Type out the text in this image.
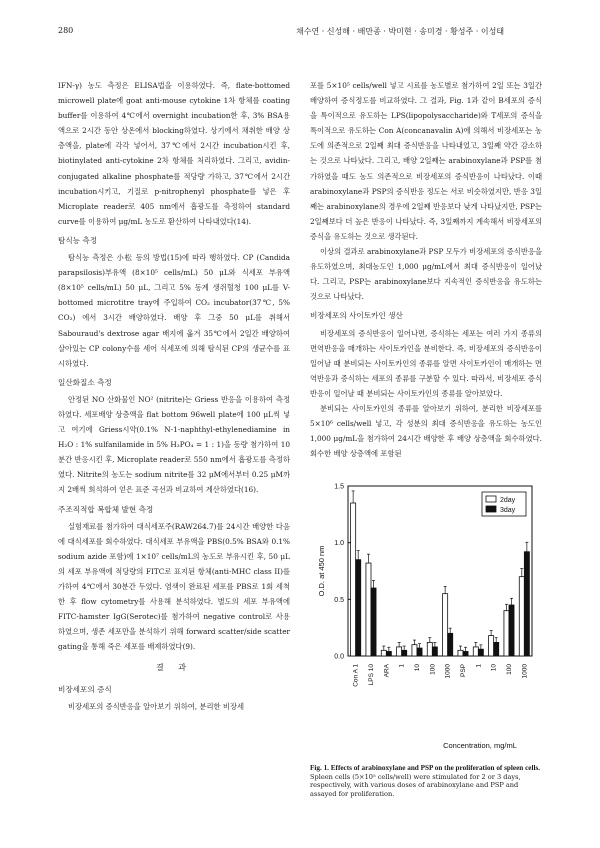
280	채수연 · 신성해 · 배만종 · 박미현 · 송미경 · 황성주 · 이성태

IFN-γ) 농도 측정은 ELISA법을 이용하였다. 즉, flate-bottomed microwell plate에 goat anti-mouse cytokine 1차 항체를 coating buffer를 이용하여 4℃에서 overnight incubation한 후, 3% BSA용액으로 2시간 동안 상온에서 blocking하였다. 상기에서 채취한 배양 상층액을, plate에 각각 넣어서, 37℃에서 2시간 incubation시킨 후, biotinylated anti-cytokine 2차 항체를 처리하였다. 그리고, avidin-conjugated alkaline phosphate를 적당량 가하고, 37℃에서 2시간 incubation시키고, 기질로 p-nitrophenyl phosphate를 넣은 후 Microplate reader로 405 nm에서 흡광도를 측정하여 standard curve를 이용하여 μg/mL 농도로 환산하여 나타내었다(14).

탐식능 측정

탐식능 측정은 小松 등의 방법(15)에 따라 행하였다. CP (Candida parapsilosis)부유액 (8×10⁵ cells/mL) 50 μL와 식세포 부유액(8×10⁵ cells/mL) 50 μL, 그리고 5% 동계 생쥐혈청 100 μL를 V-bottomed microtitre tray에 주입하여 CO₂ incubator(37℃, 5% CO₂) 에서 3시간 배양하였다. 배양 후 그중 50 μL를 취해서 Sabouraud's dextrose agar 배지에 옮겨 35℃에서 2일간 배양하여 살아있는 CP colony수를 세어 식세포에 의해 탐식된 CP의 생균수를 표시하였다.

일산화질소 측정

안정된 NO 산화물인 NO² (nitrite)는 Griess 반응을 이용하여 측정하였다. 세포배양 상층액을 flat bottom 96well plate에 100 μL씩 넣고 여기에 Griess시약(0.1% N-1-naphthyl-ethylenediamine in H₂O : 1% sulfanilamide in 5% H₃PO₄ = 1 : 1)을 동량 첨가하여 10분간 반응시킨 후, Microplate reader로 550 nm에서 흡광도를 측정하였다. Nitrite의 농도는 sodium nitrite를 32 μM에서부터 0.25 μM까지 2배씩 희석하여 얻은 표준 곡선과 비교하여 계산하였다(16).

주조직적합 복합체 발현 측정

실험재료를 첨가하여 대식세포주(RAW264.7)를 24시간 배양한 다음에 대식세포를 회수하였다. 대식세포 부유액을 PBS(0.5% BSA와 0.1% sodium azide 포함)에 1×10⁷ cells/mL의 농도로 부유시킨 후, 50 μL의 세포 부유액에 적당량의 FITC로 표지된 항체(anti-MHC class II)를 가하여 4℃에서 30분간 두었다. 염색이 완료된 세포를 PBS로 1회 세척한 후 flow cytometry를 사용해 분석하였다. 별도의 세포 부유액에 FITC-hamster IgG(Serotec)를 첨가하여 negative control로 사용하였으며, 생존 세포만을 분석하기 위해 forward scatter/side scatter gating을 통해 죽은 세포를 배제하였다(9).

결 과
비장세포의 증식

비장세포의 증식반응을 알아보기 위하여, 분리한 비장세

포를 5×10⁵ cells/well 넣고 시료를 농도별로 첨가하여 2일 또는 3일간 배양하여 증식정도를 비교하였다. 그 결과, Fig. 1과 같이 B세포의 증식을 특이적으로 유도하는 LPS(lipopolysaccharide)와 T세포의 증식을 특이적으로 유도하는 Con A(concanavalin A)에 의해서 비장세포는 농도에 의존적으로 2일째 최대 증식반응을 나타내었고, 3일째 약간 감소하는 것으로 나타났다. 그리고, 배양 2일째는 arabinoxylane과 PSP를 첨가하였을 때도 농도 의존적으로 비장세포의 증식반응이 나타났다. 이때 arabinoxylane과 PSP의 증식반응 정도는 서로 비슷하였지만, 반응 3일째는 arabinoxylane의 경우에 2일째 반응보다 낮게 나타났지만, PSP는 2일째보다 더 높은 반응이 나타났다. 즉, 3일째까지 계속해서 비장세포의 증식을 유도하는 것으로 생각된다.

이상의 결과로 arabinoxylane과 PSP 모두가 비장세포의 증식반응을 유도하였으며, 최대농도인 1,000 μg/mL에서 최대 증식반응이 일어났다. 그리고, PSP는 arabinoxylane보다 지속적인 증식반응을 유도하는 것으로 나타났다.

비장세포의 사이토카인 생산

비장세포의 증식반응이 일어나면, 증식하는 세포는 여러 가지 종류의 면역반응을 매개하는 사이토카인을 분비한다. 즉, 비장세포의 증식반응이 일어날 때 분비되는 사이토카인의 종류를 알면 사이토카인이 매개하는 면역반응과 증식하는 세포의 종류를 구분할 수 있다. 따라서, 비장세포 증식반응이 일어날 때 분비되는 사이토카인의 종류를 알아보았다.

분비되는 사이토카인의 종류를 알아보기 위하여, 분리한 비장세포를 5×10⁶ cells/well 넣고, 각 성분의 최대 증식반응을 유도하는 농도인 1,000 μg/mL을 첨가하여 24시간 배양한 후 배양 상층액을 회수하였다. 회수한 배양 상층액에 포함된

0.0
0.5
1.0
1.5
O.D. at 450 nm
Con A 1 LPS 10 ARA 1 10 100 1000 PSP 1 10 100 1000
Concentration, mg/mL
2day
3day
Fig. 1. Effects of arabinoxylane and PSP on the proliferation of spleen cells.
Spleen cells (5×10⁵ cells/well) were stimulated for 2 or 3 days, respectively, with various doses of arabinoxylane and PSP and assayed for proliferation.
